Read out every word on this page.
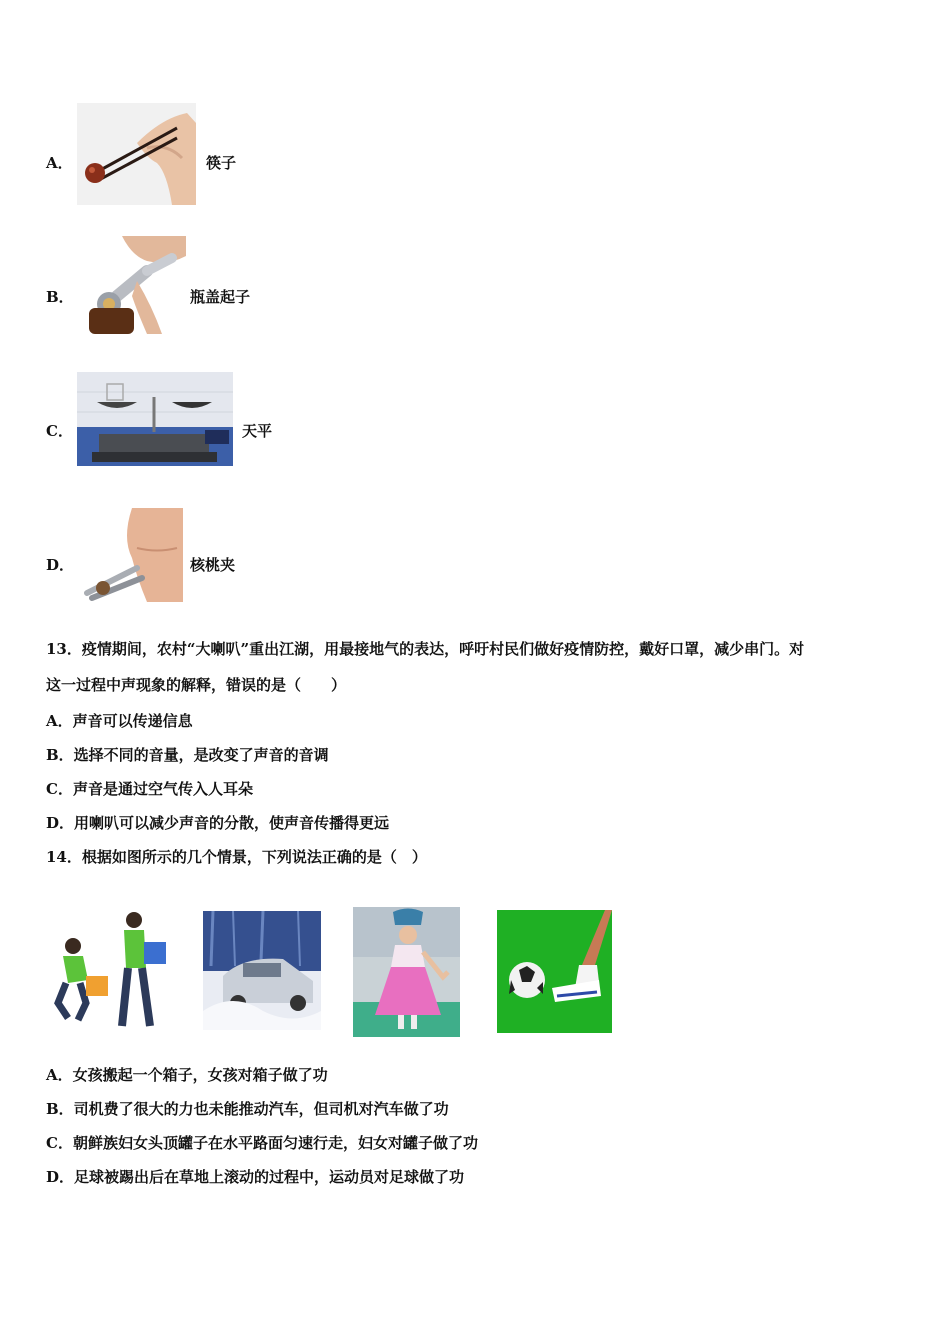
A．	筷子
B．	瓶盖起子
C．	天平
D．	核桃夹
13．疫情期间，农村“大喇叭”重出江湖，用最接地气的表达，呼吁村民们做好疫情防控，戴好口罩，减少串门。对
这一过程中声现象的解释，错误的是（　　）
A．声音可以传递信息
B．选择不同的音量，是改变了声音的音调
C．声音是通过空气传入人耳朵
D．用喇叭可以减少声音的分散，使声音传播得更远
14．根据如图所示的几个情景，下列说法正确的是（　）
A．女孩搬起一个箱子，女孩对箱子做了功
B．司机费了很大的力也未能推动汽车，但司机对汽车做了功
C．朝鲜族妇女头顶罐子在水平路面匀速行走，妇女对罐子做了功
D．足球被踢出后在草地上滚动的过程中，运动员对足球做了功
